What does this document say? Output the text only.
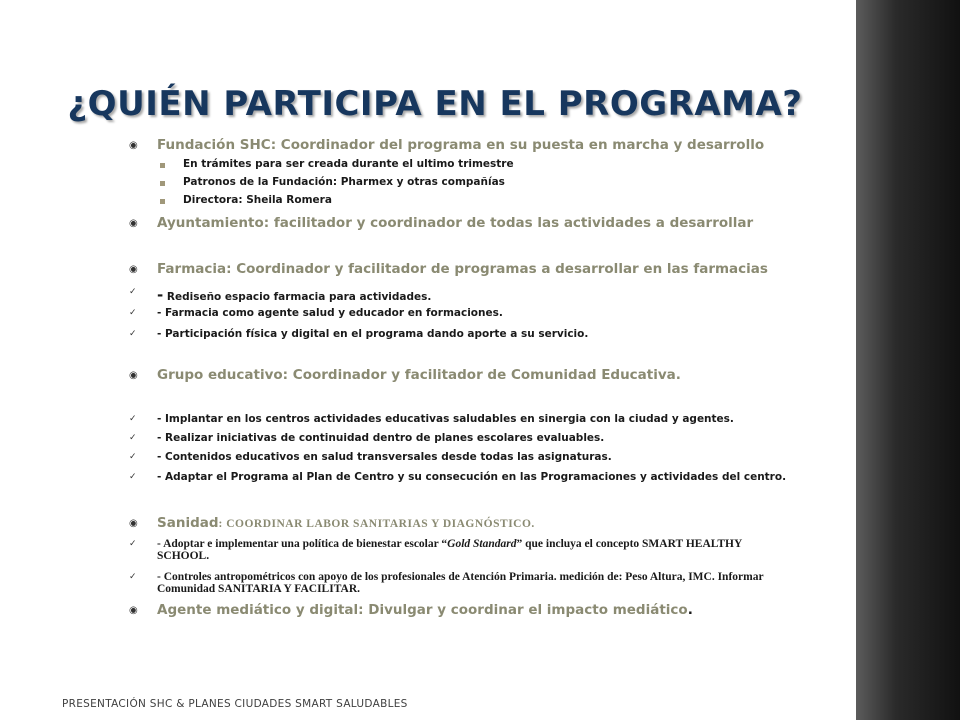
¿QUIÉN PARTICIPA EN EL PROGRAMA?
◉ Fundación SHC: Coordinador del programa en su puesta en marcha y desarrollo
En trámites para ser creada durante el ultimo trimestre
Patronos de la Fundación: Pharmex y otras compañías
Directora: Sheila Romera
◉ Ayuntamiento: facilitador y coordinador de todas las actividades a desarrollar
◉ Farmacia: Coordinador y facilitador de programas a desarrollar en las farmacias
✓ - Rediseño espacio farmacia para actividades.
✓ - Farmacia como agente salud y educador en formaciones.
✓ - Participación física y digital en el programa dando aporte a su servicio.
◉ Grupo educativo: Coordinador y facilitador de Comunidad Educativa.
✓ - Implantar en los centros actividades educativas saludables en sinergia con la ciudad y agentes.
✓ - Realizar iniciativas de continuidad dentro de planes escolares evaluables.
✓ - Contenidos educativos en salud transversales desde todas las asignaturas.
✓ - Adaptar el Programa al Plan de Centro y su consecución en las Programaciones y actividades del centro.
◉ Sanidad: COORDINAR LABOR SANITARIAS Y DIAGNÓSTICO.
✓ - Adoptar e implementar una política de bienestar escolar “Gold Standard” que incluya el concepto SMART HEALTHY SCHOOL.
✓ - Controles antropométricos con apoyo de los profesionales de Atención Primaria. medición de: Peso Altura, IMC. Informar Comunidad SANITARIA Y FACILITAR.
◉ Agente mediático y digital: Divulgar y coordinar el impacto mediático.
PRESENTACIÓN SHC & PLANES CIUDADES SMART SALUDABLES
